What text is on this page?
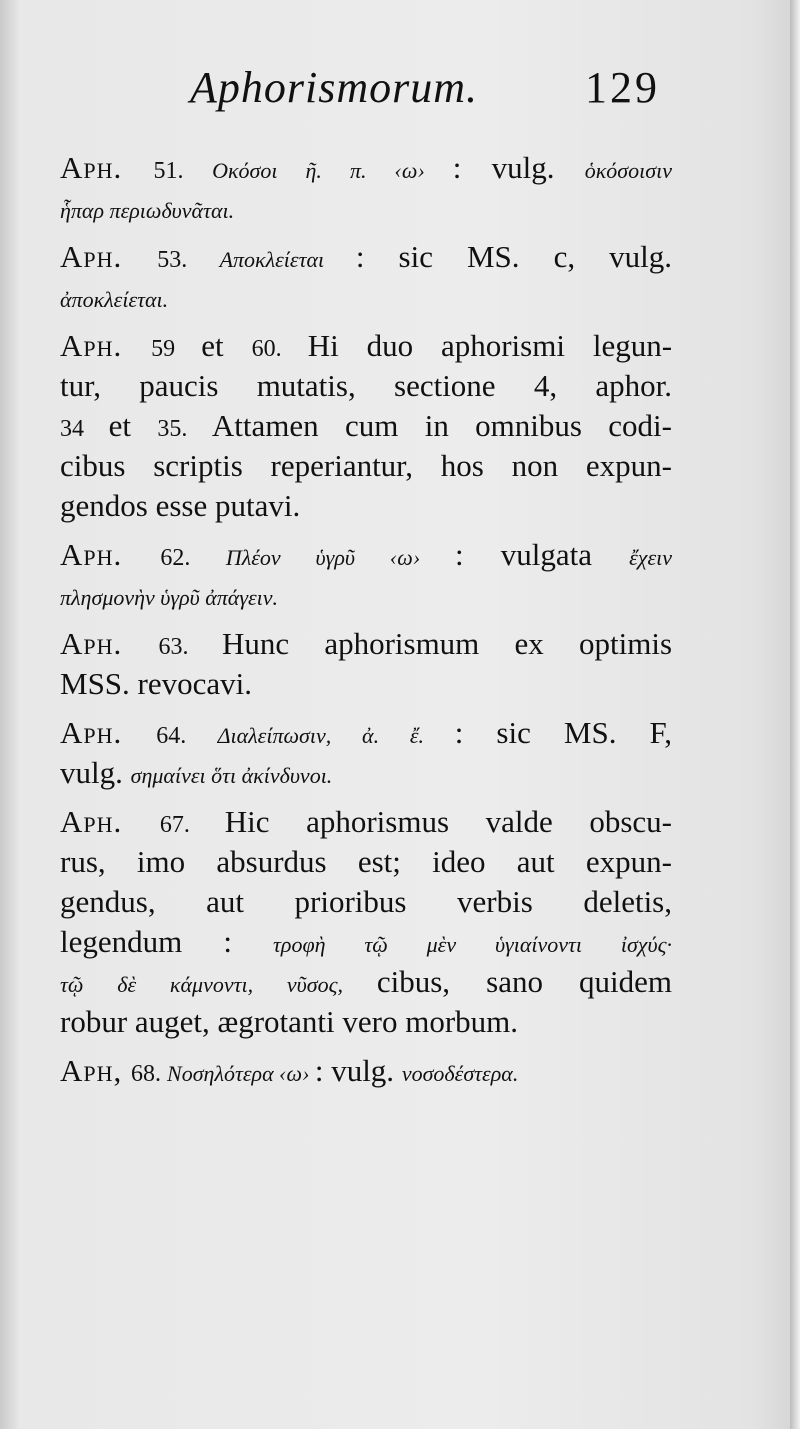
Aphorismorum. 129
Aph. 51. Οκόσοι ῆ. π. ‹ω› : vulg. ὁκόσοισιν
ἧπαρ περιωδυνᾶται.
Aph. 53. Αποκλείεται : sic MS. c, vulg.
ἀποκλείεται.
Aph. 59 et 60. Hi duo aphorismi legun-
tur, paucis mutatis, sectione 4, aphor.
34 et 35. Attamen cum in omnibus codi-
cibus scriptis reperiantur, hos non expun-
gendos esse putavi.
Aph. 62. Πλέον ὑγρῦ ‹ω› : vulgata ἔχειν
πλησμονὴν ὑγρῦ ἀπάγειν.
Aph. 63. Hunc aphorismum ex optimis
MSS. revocavi.
Aph. 64. Διαλείπωσιν, ἀ. ἔ. : sic MS. F,
vulg. σημαίνει ὅτι ἀκίνδυνοι.
Aph. 67. Hic aphorismus valde obscu-
rus, imo absurdus est; ideo aut expun-
gendus, aut prioribus verbis deletis,
legendum : τροφὴ τῷ μὲν ὑγιαίνοντι ἰσχύς·
τῷ δὲ κάμνοντι, νῦσος, cibus, sano quidem
robur auget, ægrotanti vero morbum.
Aph, 68. Νοσηλότερα ‹ω› : vulg. νοσοδέστερα.
